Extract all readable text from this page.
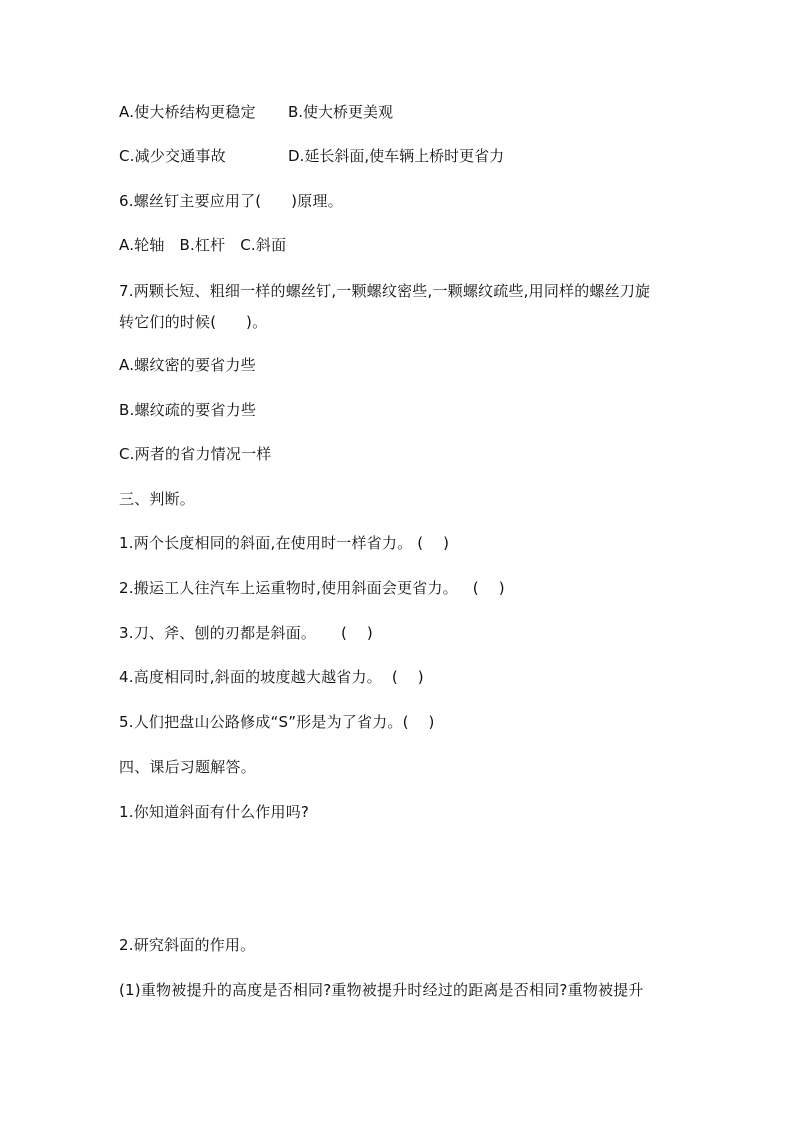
A.使大桥结构更稳定 B.使大桥更美观
C.减少交通事故	D.延长斜面,使车辆上桥时更省力
6.螺丝钉主要应用了(      )原理。
A.轮轴   B.杠杆   C.斜面
7.两颗长短、粗细一样的螺丝钉,一颗螺纹密些,一颗螺纹疏些,用同样的螺丝刀旋
转它们的时候(      )。
A.螺纹密的要省力些
B.螺纹疏的要省力些
C.两者的省力情况一样
三、判断。
1.两个长度相同的斜面,在使用时一样省力。 (    )
2.搬运工人往汽车上运重物时,使用斜面会更省力。   (    )
3.刀、斧、刨的刃都是斜面。     (    )
4.高度相同时,斜面的坡度越大越省力。  (    )
5.人们把盘山公路修成“S”形是为了省力。(    )
四、课后习题解答。
1.你知道斜面有什么作用吗?
2.研究斜面的作用。
(1)重物被提升的高度是否相同?重物被提升时经过的距离是否相同?重物被提升
